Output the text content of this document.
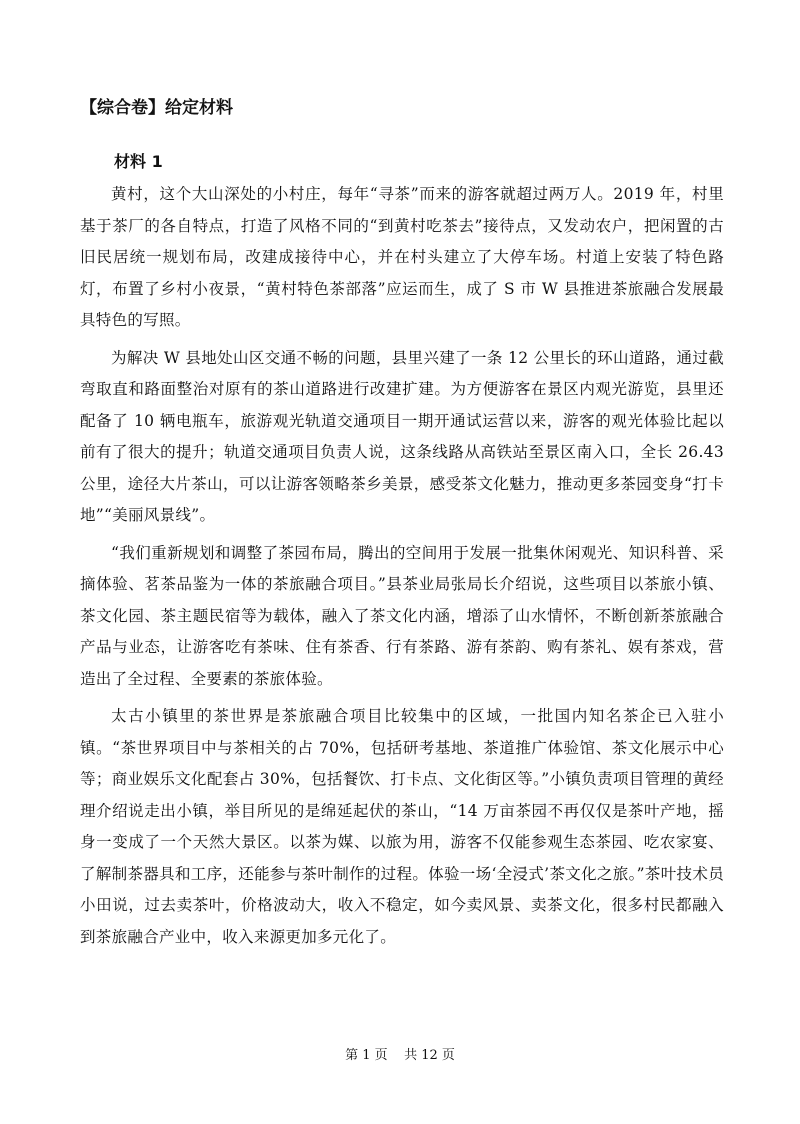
【综合卷】给定材料
材料 1

黄村，这个大山深处的小村庄，每年“寻茶”而来的游客就超过两万人。2019 年，村里基于茶厂的各自特点，打造了风格不同的“到黄村吃茶去”接待点，又发动农户，把闲置的古旧民居统一规划布局，改建成接待中心，并在村头建立了大停车场。村道上安装了特色路灯，布置了乡村小夜景，“黄村特色茶部落”应运而生，成了 S 市 W 县推进茶旅融合发展最具特色的写照。

为解决 W 县地处山区交通不畅的问题，县里兴建了一条 12 公里长的环山道路，通过截弯取直和路面整治对原有的茶山道路进行改建扩建。为方便游客在景区内观光游览，县里还配备了 10 辆电瓶车，旅游观光轨道交通项目一期开通试运营以来，游客的观光体验比起以前有了很大的提升；轨道交通项目负责人说，这条线路从高铁站至景区南入口，全长 26.43 公里，途径大片茶山，可以让游客领略茶乡美景，感受茶文化魅力，推动更多茶园变身“打卡地”“美丽风景线”。

“我们重新规划和调整了茶园布局，腾出的空间用于发展一批集休闲观光、知识科普、采摘体验、茗茶品鉴为一体的茶旅融合项目。”县茶业局张局长介绍说，这些项目以茶旅小镇、茶文化园、茶主题民宿等为载体，融入了茶文化内涵，增添了山水情怀，不断创新茶旅融合产品与业态，让游客吃有茶味、住有茶香、行有茶路、游有茶韵、购有茶礼、娱有茶戏，营造出了全过程、全要素的茶旅体验。

太古小镇里的茶世界是茶旅融合项目比较集中的区域，一批国内知名茶企已入驻小镇。“茶世界项目中与茶相关的占 70%，包括研考基地、茶道推广体验馆、茶文化展示中心等；商业娱乐文化配套占 30%，包括餐饮、打卡点、文化街区等。”小镇负责项目管理的黄经理介绍说走出小镇，举目所见的是绵延起伏的茶山，“14 万亩茶园不再仅仅是茶叶产地，摇身一变成了一个天然大景区。以茶为媒、以旅为用，游客不仅能参观生态茶园、吃农家宴、了解制茶器具和工序，还能参与茶叶制作的过程。体验一场‘全浸式’茶文化之旅。”茶叶技术员小田说，过去卖茶叶，价格波动大，收入不稳定，如今卖风景、卖茶文化，很多村民都融入到茶旅融合产业中，收入来源更加多元化了。

第 1 页    共 12 页
